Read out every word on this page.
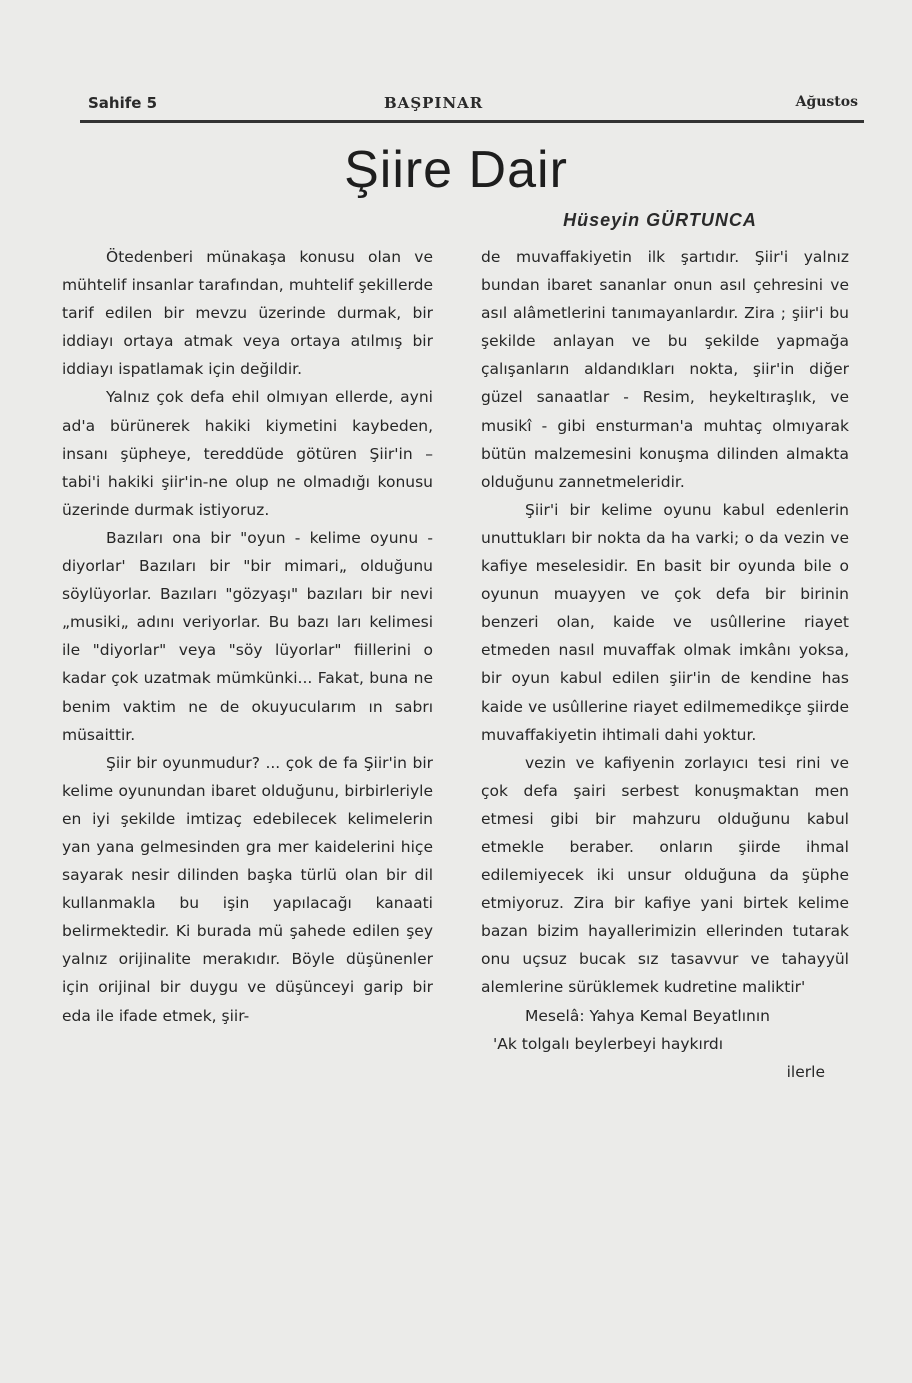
Sahife 5	BAŞPINAR	Ağustos
Şiire Dair
Hüseyin GÜRTUNCA

Ötedenberi münakaşa konusu olan ve mühtelif insanlar tarafından, muhtelif şekillerde tarif edilen bir mevzu üzerinde durmak, bir iddiayı ortaya atmak veya ortaya atılmış bir iddiayı ispatlamak için değildir.

Yalnız çok defa ehil olmıyan ellerde, ayni ad'a bürünerek hakiki kiymetini kaybeden, insanı şüpheye, tereddüde götüren Şiir'in – tabi'i hakiki şiir'in-ne olup ne olmadığı konusu üzerinde durmak istiyoruz.

Bazıları ona bir "oyun - kelime oyunu - diyorlar' Bazıları bir "bir mimari„ olduğunu söylüyorlar. Bazıları "gözyaşı" bazıları bir nevi „musiki„ adını veriyorlar. Bu bazı ları kelimesi ile "diyorlar" veya "söy lüyorlar" fiillerini o kadar çok uzatmak mümkünki... Fakat, buna ne benim vaktim ne de okuyucularım ın sabrı müsaittir.

Şiir bir oyunmudur? ... çok de fa Şiir'in bir kelime oyunundan ibaret olduğunu, birbirleriyle en iyi şekilde imtizaç edebilecek kelimelerin yan yana gelmesinden gra mer kaidelerini hiçe sayarak nesir dilinden başka türlü olan bir dil kullanmakla bu işin yapılacağı kanaati belirmektedir. Ki burada mü şahede edilen şey yalnız orijinalite merakıdır. Böyle düşünenler için orijinal bir duygu ve düşünceyi garip bir eda ile ifade etmek, şiir-

de muvaffakiyetin ilk şartıdır. Şiir'i yalnız bundan ibaret sananlar onun asıl çehresini ve asıl alâmetlerini tanımayanlardır. Zira ; şiir'i bu şekilde anlayan ve bu şekilde yapmağa çalışanların aldandıkları nokta, şiir'in diğer güzel sanaatlar - Resim, heykeltıraşlık, ve musikî - gibi ensturman'a muhtaç olmıyarak bütün malzemesini konuşma dilinden almakta olduğunu zannetmeleridir.

Şiir'i bir kelime oyunu kabul edenlerin unuttukları bir nokta da ha varki; o da vezin ve kafiye meselesidir. En basit bir oyunda bile o oyunun muayyen ve çok defa bir birinin benzeri olan, kaide ve usûllerine riayet etmeden nasıl muvaffak olmak imkânı yoksa, bir oyun kabul edilen şiir'in de kendine has kaide ve usûllerine riayet edilmemedikçe şiirde muvaffakiyetin ihtimali dahi yoktur.

vezin ve kafiyenin zorlayıcı tesi rini ve çok defa şairi serbest konuşmaktan men etmesi gibi bir mahzuru olduğunu kabul etmekle beraber. onların şiirde ihmal edilemiyecek iki unsur olduğuna da şüphe etmiyoruz. Zira bir kafiye yani birtek kelime bazan bizim hayallerimizin ellerinden tutarak onu uçsuz bucak sız tasavvur ve tahayyül alemlerine sürüklemek kudretine maliktir'

Meselâ: Yahya Kemal Beyatlının

'Ak tolgalı beylerbeyi haykırdı

ilerle
